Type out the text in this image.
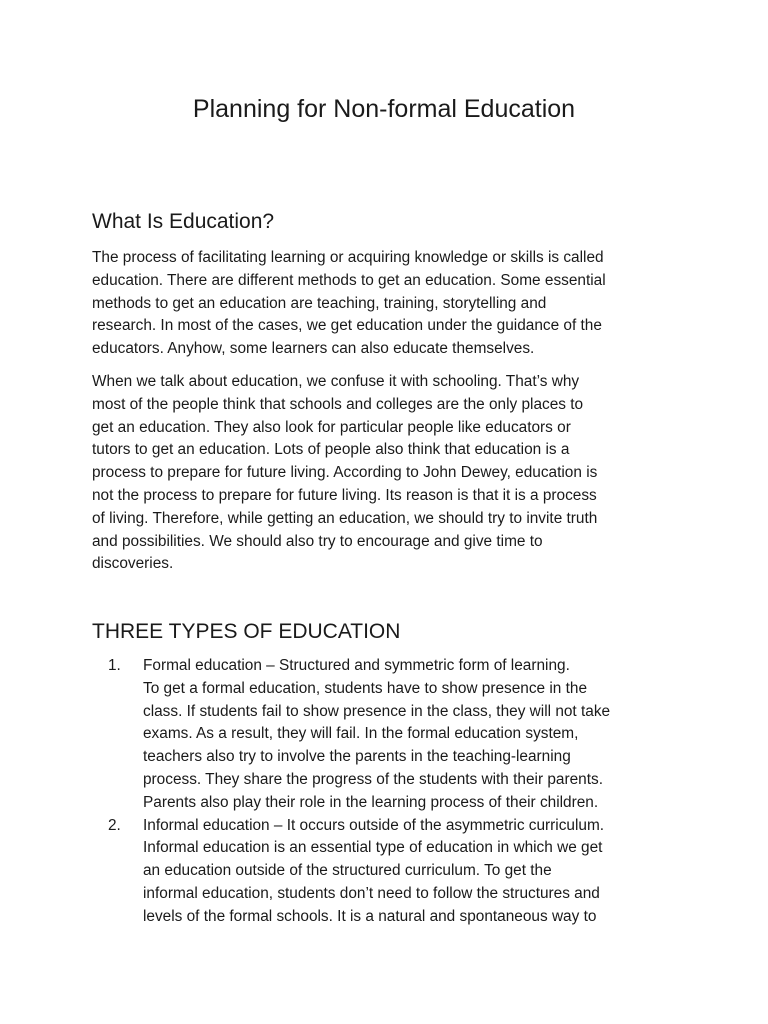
Planning for Non-formal Education
What Is Education?

The process of facilitating learning or acquiring knowledge or skills is called
education. There are different methods to get an education. Some essential
methods to get an education are teaching, training, storytelling and
research. In most of the cases, we get education under the guidance of the
educators. Anyhow, some learners can also educate themselves.

When we talk about education, we confuse it with schooling. That’s why
most of the people think that schools and colleges are the only places to
get an education. They also look for particular people like educators or
tutors to get an education. Lots of people also think that education is a
process to prepare for future living. According to John Dewey, education is
not the process to prepare for future living. Its reason is that it is a process
of living. Therefore, while getting an education, we should try to invite truth
and possibilities. We should also try to encourage and give time to
discoveries.

THREE TYPES OF EDUCATION
1. Formal education – Structured and symmetric form of learning.
To get a formal education, students have to show presence in the
class. If students fail to show presence in the class, they will not take
exams. As a result, they will fail. In the formal education system,
teachers also try to involve the parents in the teaching-learning
process. They share the progress of the students with their parents.
Parents also play their role in the learning process of their children.
2. Informal education – It occurs outside of the asymmetric curriculum.
Informal education is an essential type of education in which we get
an education outside of the structured curriculum. To get the
informal education, students don’t need to follow the structures and
levels of the formal schools. It is a natural and spontaneous way to
